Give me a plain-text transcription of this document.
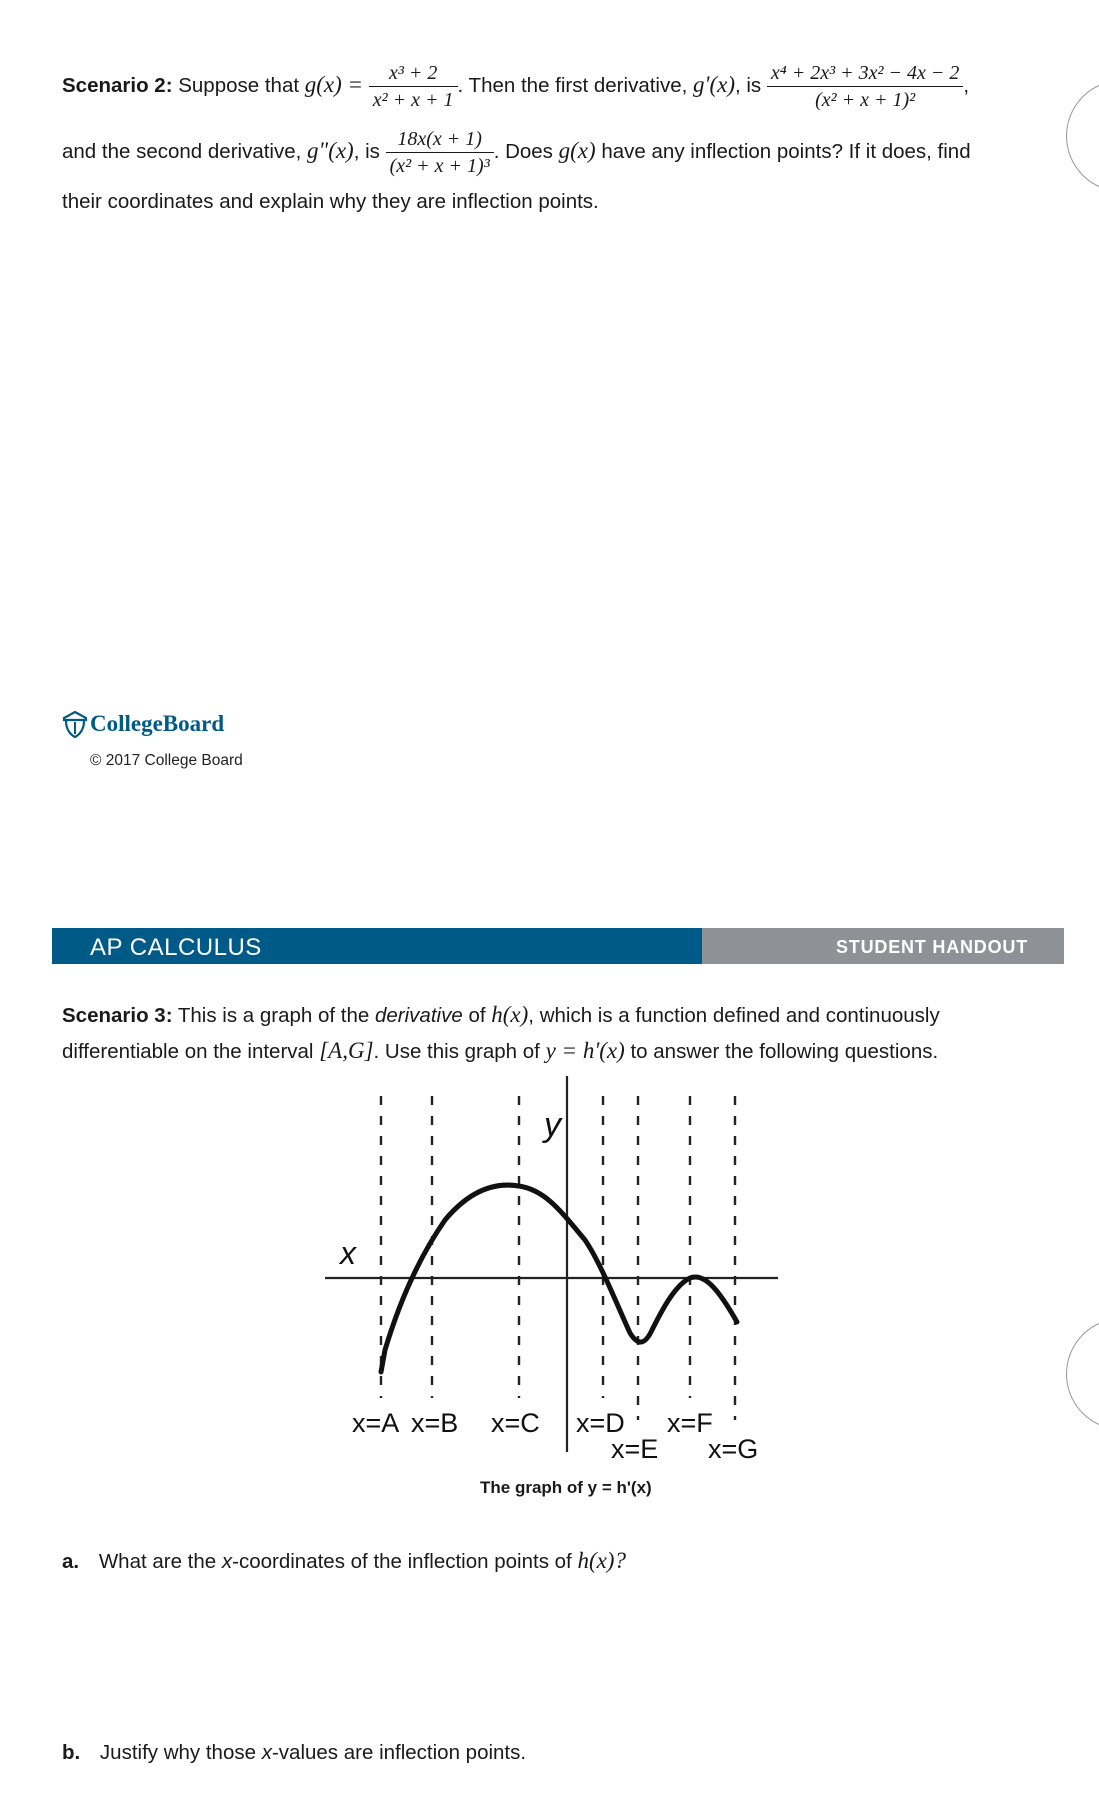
Scenario 2: Suppose that $g(x) = \frac{\text{x³ + 2}}{\text{x² + x + 1}}$ . Then the first derivative, g'(x), is $\frac{\text{x⁴ + 2x³ + 3x² − 4x − 2}}{\text{(x² + x + 1)²}}$ ,
and the second derivative, g"(x), is $\frac{18x(x + 1)}{\text{(x² + x + 1)³}}$ . Does g(x) have any inflection points? If it does, find
their coordinates and explain why they are inflection points.
CollegeBoard
© 2017 College Board
AP CALCULUS	STUDENT HANDOUT
Scenario 3: This is a graph of the derivative of h(x), which is a function defined and continuously
differentiable on the interval [A,G]. Use this graph of y = h'(x) to answer the following questions.
y
x
x=A x=B x=C x=D
x=E
x=F
x=G
The graph of y = h'(x)
a. What are the x-coordinates of the inflection points of h(x)?
b. Justify why those x-values are inflection points.
